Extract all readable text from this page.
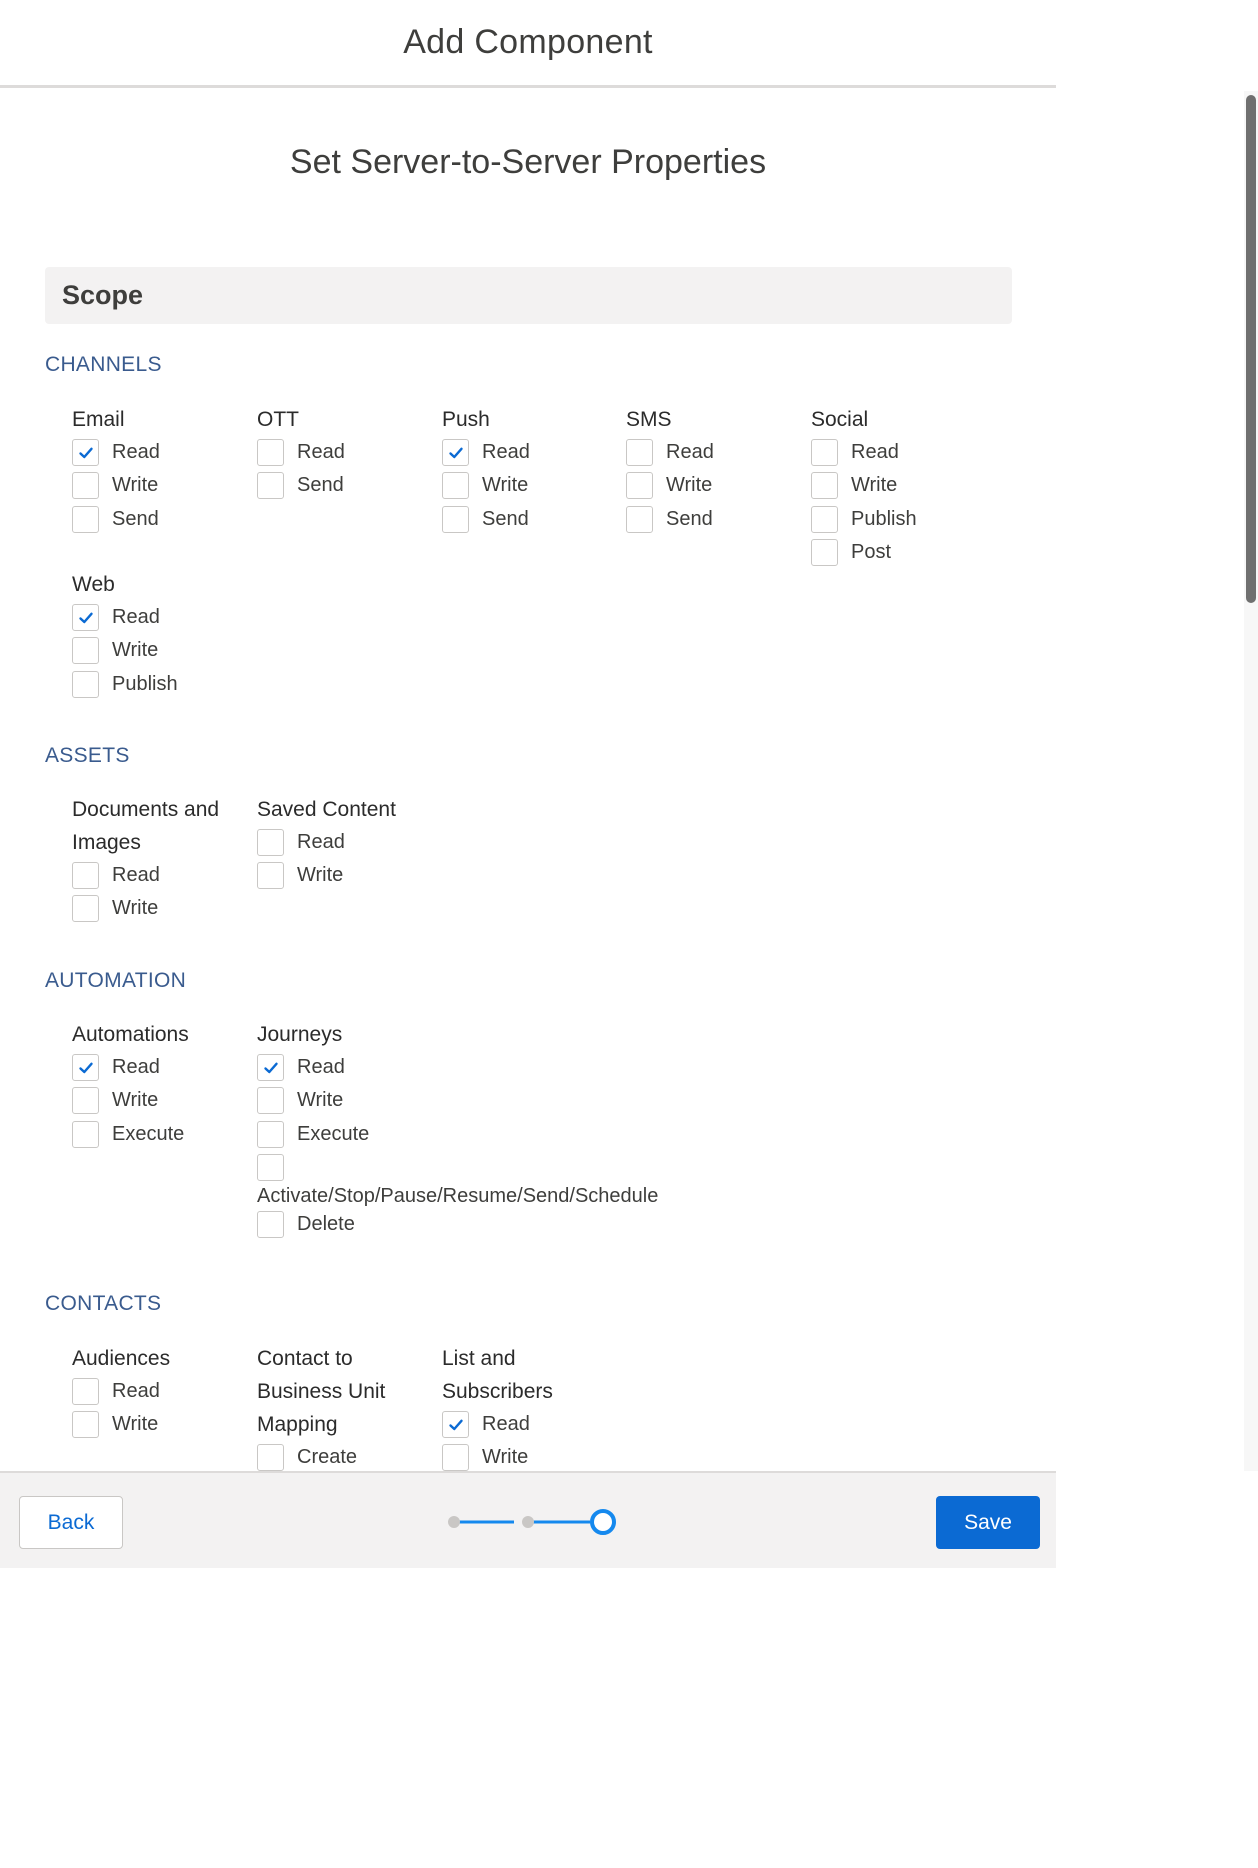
Add Component
Set Server-to-Server Properties
Scope
CHANNELS
Email
Read
Write
Send
OTT
Read
Send
Push
Read
Write
Send
SMS
Read
Write
Send
Social
Read
Write
Publish
Post
Web
Read
Write
Publish
ASSETS
Documents and
Images
Read
Write
Saved Content
Read
Write
AUTOMATION
Automations
Read
Write
Execute
Journeys
Read
Write
Execute
Activate/Stop/Pause/Resume/Send/Schedule
Delete
CONTACTS
Audiences
Read
Write
Contact to
Business Unit
Mapping
Create
List and
Subscribers
Read
Write
Back	Save
